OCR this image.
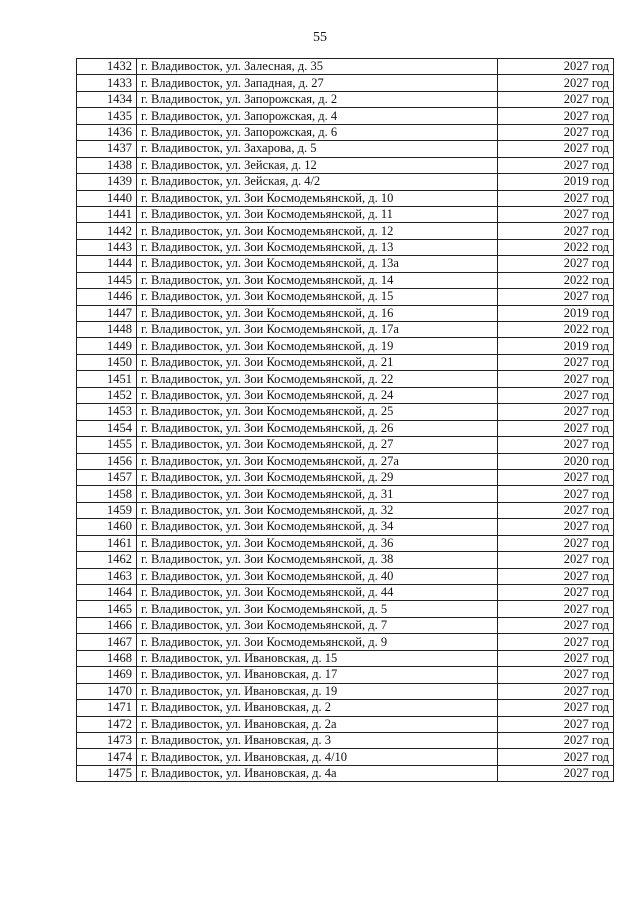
55
1432	г. Владивосток, ул. Залесная, д. 35	2027 год
1433	г. Владивосток, ул. Западная, д. 27	2027 год
1434	г. Владивосток, ул. Запорожская, д. 2	2027 год
1435	г. Владивосток, ул. Запорожская, д. 4	2027 год
1436	г. Владивосток, ул. Запорожская, д. 6	2027 год
1437	г. Владивосток, ул. Захарова, д. 5	2027 год
1438	г. Владивосток, ул. Зейская, д. 12	2027 год
1439	г. Владивосток, ул. Зейская, д. 4/2	2019 год
1440	г. Владивосток, ул. Зои Космодемьянской, д. 10	2027 год
1441	г. Владивосток, ул. Зои Космодемьянской, д. 11	2027 год
1442	г. Владивосток, ул. Зои Космодемьянской, д. 12	2027 год
1443	г. Владивосток, ул. Зои Космодемьянской, д. 13	2022 год
1444	г. Владивосток, ул. Зои Космодемьянской, д. 13а	2027 год
1445	г. Владивосток, ул. Зои Космодемьянской, д. 14	2022 год
1446	г. Владивосток, ул. Зои Космодемьянской, д. 15	2027 год
1447	г. Владивосток, ул. Зои Космодемьянской, д. 16	2019 год
1448	г. Владивосток, ул. Зои Космодемьянской, д. 17а	2022 год
1449	г. Владивосток, ул. Зои Космодемьянской, д. 19	2019 год
1450	г. Владивосток, ул. Зои Космодемьянской, д. 21	2027 год
1451	г. Владивосток, ул. Зои Космодемьянской, д. 22	2027 год
1452	г. Владивосток, ул. Зои Космодемьянской, д. 24	2027 год
1453	г. Владивосток, ул. Зои Космодемьянской, д. 25	2027 год
1454	г. Владивосток, ул. Зои Космодемьянской, д. 26	2027 год
1455	г. Владивосток, ул. Зои Космодемьянской, д. 27	2027 год
1456	г. Владивосток, ул. Зои Космодемьянской, д. 27а	2020 год
1457	г. Владивосток, ул. Зои Космодемьянской, д. 29	2027 год
1458	г. Владивосток, ул. Зои Космодемьянской, д. 31	2027 год
1459	г. Владивосток, ул. Зои Космодемьянской, д. 32	2027 год
1460	г. Владивосток, ул. Зои Космодемьянской, д. 34	2027 год
1461	г. Владивосток, ул. Зои Космодемьянской, д. 36	2027 год
1462	г. Владивосток, ул. Зои Космодемьянской, д. 38	2027 год
1463	г. Владивосток, ул. Зои Космодемьянской, д. 40	2027 год
1464	г. Владивосток, ул. Зои Космодемьянской, д. 44	2027 год
1465	г. Владивосток, ул. Зои Космодемьянской, д. 5	2027 год
1466	г. Владивосток, ул. Зои Космодемьянской, д. 7	2027 год
1467	г. Владивосток, ул. Зои Космодемьянской, д. 9	2027 год
1468	г. Владивосток, ул. Ивановская, д. 15	2027 год
1469	г. Владивосток, ул. Ивановская, д. 17	2027 год
1470	г. Владивосток, ул. Ивановская, д. 19	2027 год
1471	г. Владивосток, ул. Ивановская, д. 2	2027 год
1472	г. Владивосток, ул. Ивановская, д. 2а	2027 год
1473	г. Владивосток, ул. Ивановская, д. 3	2027 год
1474	г. Владивосток, ул. Ивановская, д. 4/10	2027 год
1475	г. Владивосток, ул. Ивановская, д. 4а	2027 год
